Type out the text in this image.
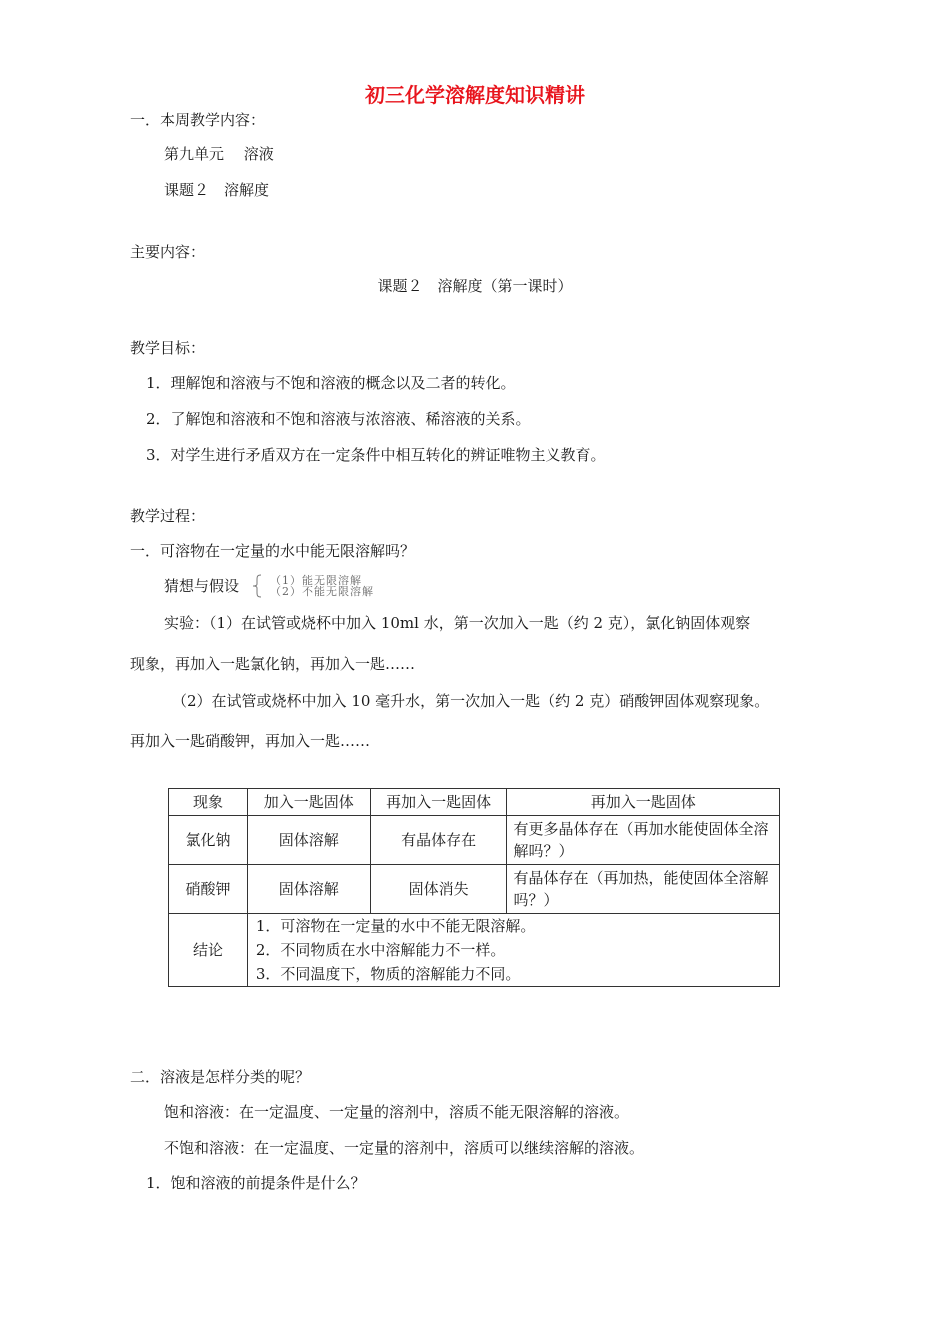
初三化学溶解度知识精讲
一．本周教学内容：
第九单元　 溶液
课题２　溶解度
主要内容：
课题２　溶解度（第一课时）
教学目标：
1．理解饱和溶液与不饱和溶液的概念以及二者的转化。
2．了解饱和溶液和不饱和溶液与浓溶液、稀溶液的关系。
3．对学生进行矛盾双方在一定条件中相互转化的辨证唯物主义教育。
教学过程：
一．可溶物在一定量的水中能无限溶解吗？
猜想与假设	（1）能无限溶解
（2）不能无限溶解
实验：（1）在试管或烧杯中加入 10ml 水，第一次加入一匙（约 2 克），氯化钠固体观察
现象，再加入一匙氯化钠，再加入一匙……
（2）在试管或烧杯中加入 10 毫升水，第一次加入一匙（约 2 克）硝酸钾固体观察现象。
再加入一匙硝酸钾，再加入一匙……
现象	加入一匙固体	再加入一匙固体	再加入一匙固体
氯化钠	固体溶解	有晶体存在	有更多晶体存在（再加水能使固体全溶解吗？）
硝酸钾	固体溶解	固体消失	有晶体存在（再加热，能使固体全溶解吗？）
结论	1．可溶物在一定量的水中不能无限溶解。
2．不同物质在水中溶解能力不一样。
3．不同温度下，物质的溶解能力不同。		
二．溶液是怎样分类的呢？
饱和溶液：在一定温度、一定量的溶剂中，溶质不能无限溶解的溶液。
不饱和溶液：在一定温度、一定量的溶剂中，溶质可以继续溶解的溶液。
1．饱和溶液的前提条件是什么？
